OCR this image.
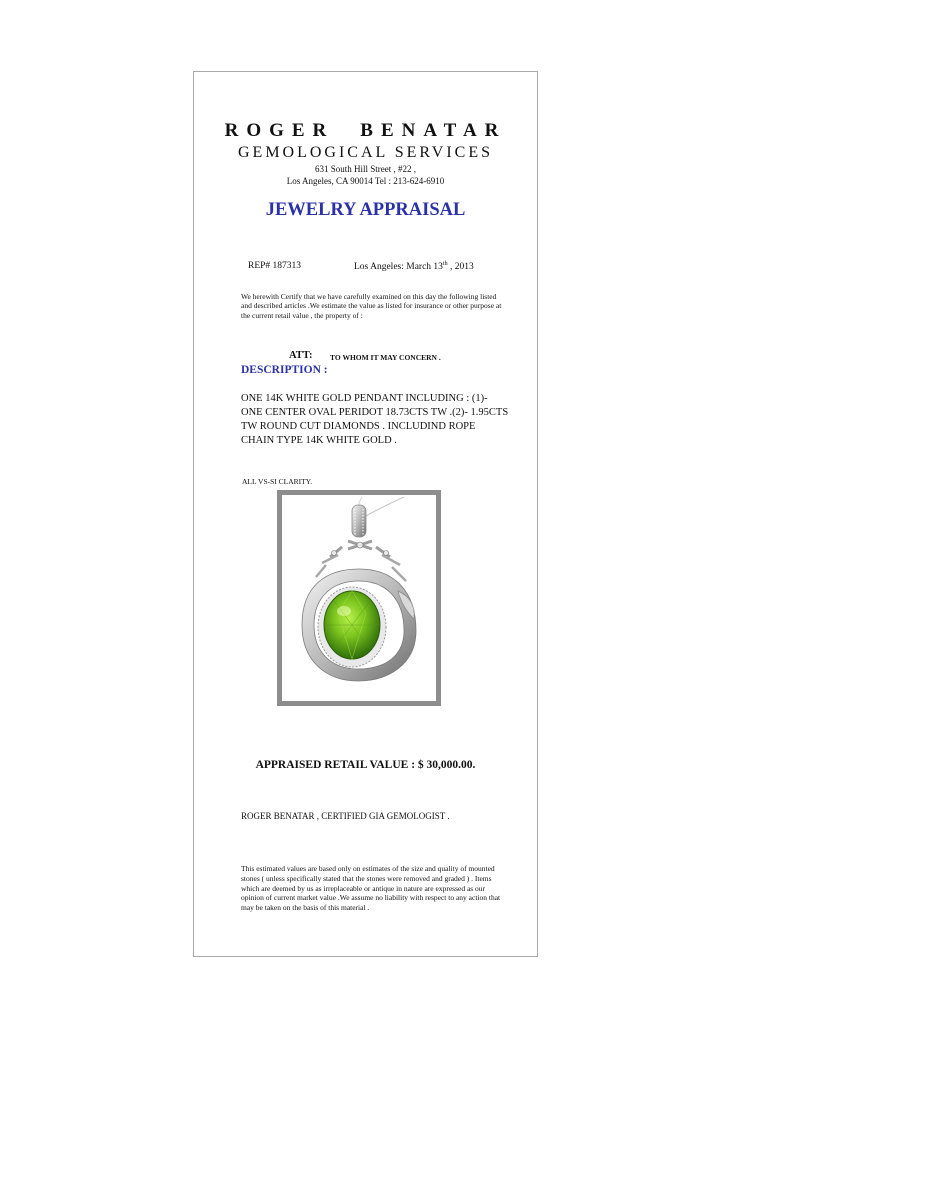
ROGER BENATAR
GEMOLOGICAL SERVICES
631 South Hill Street , #22 ,
Los Angeles, CA 90014 Tel : 213-624-6910
JEWELRY APPRAISAL
REP# 187313	Los Angeles: March 13th , 2013
We herewith Certify that we have carefully examined on this day the following listed and described articles .We estimate the value as listed for insurance or other purpose at the current retail value , the property of :
ATT: TO WHOM IT MAY CONCERN .
DESCRIPTION :
ONE 14K WHITE GOLD PENDANT INCLUDING : (1)-ONE CENTER OVAL PERIDOT 18.73CTS TW .(2)- 1.95CTS TW ROUND CUT DIAMONDS . INCLUDIND ROPE CHAIN TYPE 14K WHITE GOLD .
ALL VS-SI CLARITY.
APPRAISED RETAIL VALUE : $ 30,000.00.
ROGER BENATAR , CERTIFIED GIA GEMOLOGIST .
This estimated values are based only on estimates of the size and quality of mounted stones ( unless specifically stated that the stones were removed and graded ) . Items which are deemed by us as irreplaceable or antique in nature are expressed as our opinion of current market value .We assume no liability with respect to any action that may be taken on the basis of this material .
